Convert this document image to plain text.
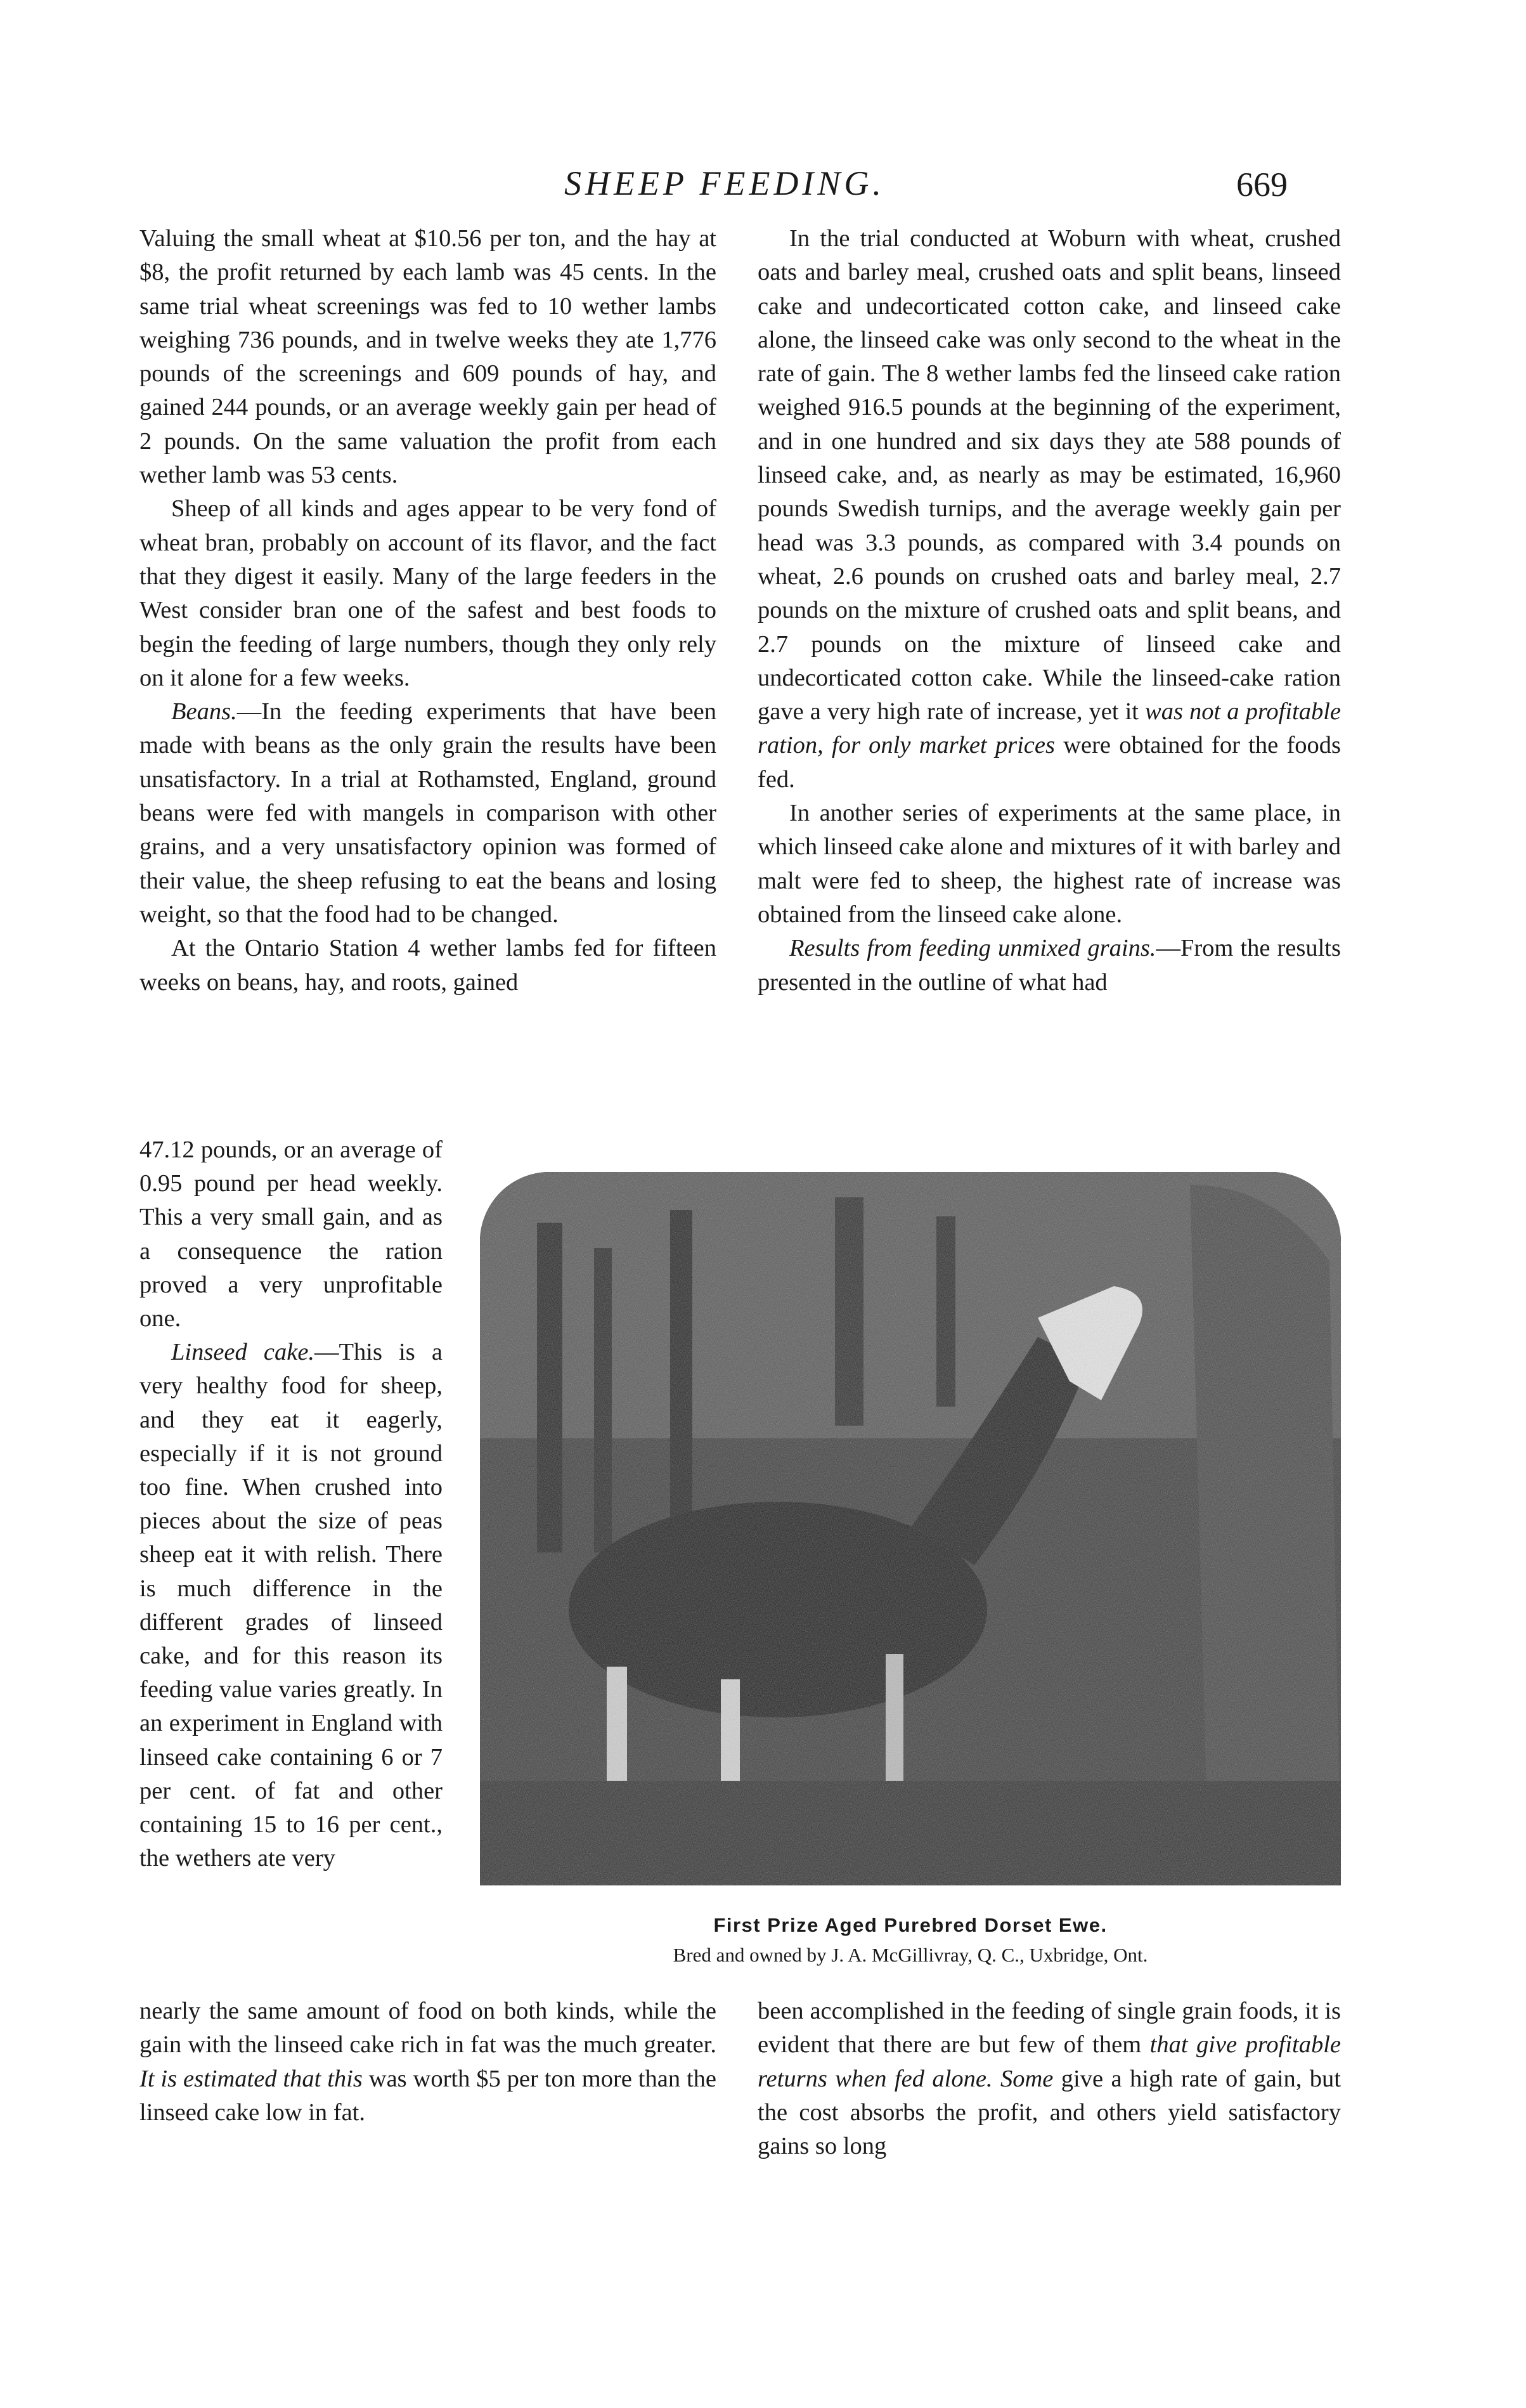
SHEEP FEEDING.	669

Valuing the small wheat at $10.56 per ton, and the hay at $8, the profit returned by each lamb was 45 cents. In the same trial wheat screenings was fed to 10 wether lambs weighing 736 pounds, and in twelve weeks they ate 1,776 pounds of the screenings and 609 pounds of hay, and gained 244 pounds, or an average weekly gain per head of 2 pounds. On the same valuation the profit from each wether lamb was 53 cents.

Sheep of all kinds and ages appear to be very fond of wheat bran, probably on account of its flavor, and the fact that they digest it easily. Many of the large feeders in the West consider bran one of the safest and best foods to begin the feeding of large numbers, though they only rely on it alone for a few weeks.

Beans.—In the feeding experiments that have been made with beans as the only grain the results have been unsatisfactory. In a trial at Rothamsted, England, ground beans were fed with mangels in comparison with other grains, and a very unsatisfactory opinion was formed of their value, the sheep refusing to eat the beans and losing weight, so that the food had to be changed.

At the Ontario Station 4 wether lambs fed for fifteen weeks on beans, hay, and roots, gained

47.12 pounds, or an average of 0.95 pound per head weekly. This a very small gain, and as a consequence the ration proved a very unprofitable one.

Linseed cake.—This is a very healthy food for sheep, and they eat it eagerly, especially if it is not ground too fine. When crushed into pieces about the size of peas sheep eat it with relish. There is much difference in the different grades of linseed cake, and for this reason its feeding value varies greatly. In an experiment in England with linseed cake containing 6 or 7 per cent. of fat and other containing 15 to 16 per cent., the wethers ate very

In the trial conducted at Woburn with wheat, crushed oats and barley meal, crushed oats and split beans, linseed cake and undecorticated cotton cake, and linseed cake alone, the linseed cake was only second to the wheat in the rate of gain. The 8 wether lambs fed the linseed cake ration weighed 916.5 pounds at the beginning of the experiment, and in one hundred and six days they ate 588 pounds of linseed cake, and, as nearly as may be estimated, 16,960 pounds Swedish turnips, and the average weekly gain per head was 3.3 pounds, as compared with 3.4 pounds on wheat, 2.6 pounds on crushed oats and barley meal, 2.7 pounds on the mixture of crushed oats and split beans, and 2.7 pounds on the mixture of linseed cake and undecorticated cotton cake. While the linseed-cake ration gave a very high rate of increase, yet it was not a profitable ration, for only market prices were obtained for the foods fed.

In another series of experiments at the same place, in which linseed cake alone and mixtures of it with barley and malt were fed to sheep, the highest rate of increase was obtained from the linseed cake alone.

Results from feeding unmixed grains.—From the results presented in the outline of what had

First Prize Aged Purebred Dorset Ewe.
Bred and owned by J. A. McGillivray, Q. C., Uxbridge, Ont.

nearly the same amount of food on both kinds, while the gain with the linseed cake rich in fat was the much greater. It is estimated that this was worth $5 per ton more than the linseed cake low in fat.

been accomplished in the feeding of single grain foods, it is evident that there are but few of them that give profitable returns when fed alone. Some give a high rate of gain, but the cost absorbs the profit, and others yield satisfactory gains so long
